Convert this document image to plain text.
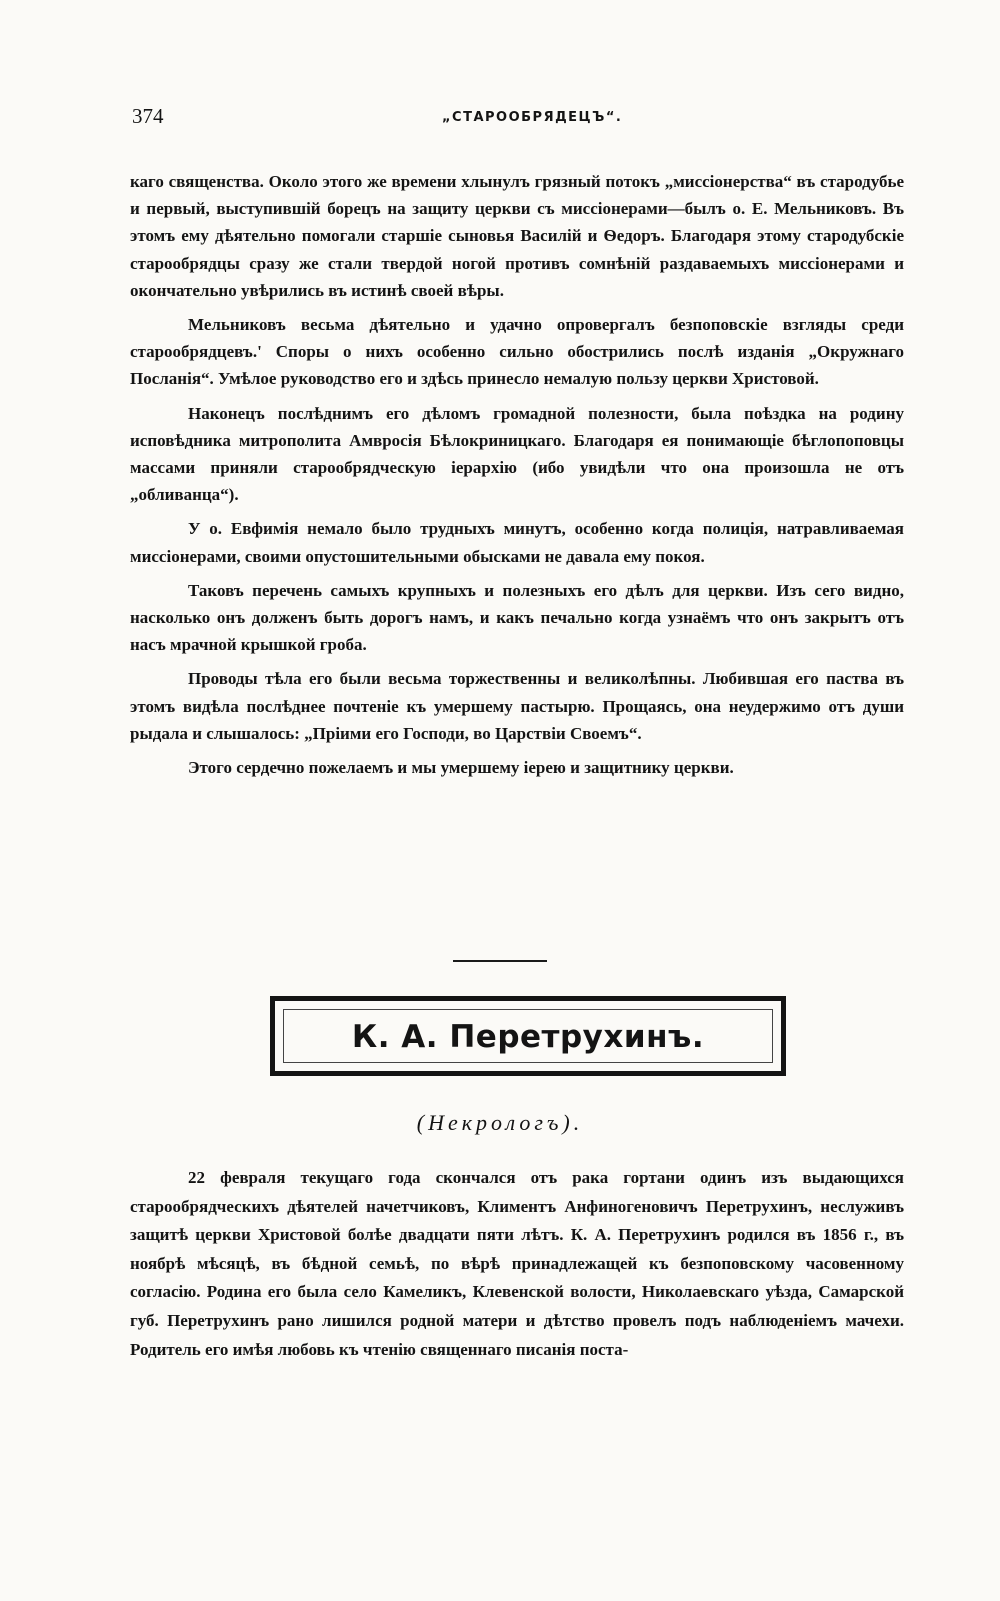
374	„СТАРООБРЯДЕЦЪ“.

каго священства. Около этого же времени хлынулъ грязный потокъ „миссіонерства“ въ стародубье и первый, выступившій борецъ на защиту церкви съ миссіонерами—былъ о. Е. Мельниковъ. Въ этомъ ему дѣятельно помогали старшіе сыновья Василій и Ѳедоръ. Благодаря этому стародубскіе старообрядцы сразу же стали твердой ногой противъ сомнѣній раздаваемыхъ миссіонерами и окончательно увѣрились въ истинѣ своей вѣры.

Мельниковъ весьма дѣятельно и удачно опровергалъ безпоповскіе взгляды среди старообрядцевъ.' Споры о нихъ особенно сильно обострились послѣ изданія „Окружнаго Посланія“. Умѣлое руководство его и здѣсь принесло немалую пользу церкви Христовой.

Наконецъ послѣднимъ его дѣломъ громадной полезности, была поѣздка на родину исповѣдника митрополита Амвросія Бѣлокриницкаго. Благодаря ея понимающіе бѣглопоповцы массами приняли старообрядческую іерархію (ибо увидѣли что она произошла не отъ „обливанца“).

У о. Евфимія немало было трудныхъ минутъ, особенно когда полиція, натравливаемая миссіонерами, своими опустошительными обысками не давала ему покоя.

Таковъ перечень самыхъ крупныхъ и полезныхъ его дѣлъ для церкви. Изъ сего видно, насколько онъ долженъ быть дорогъ намъ, и какъ печально когда узнаёмъ что онъ закрытъ отъ насъ мрачной крышкой гроба.

Проводы тѣла его были весьма торжественны и великолѣпны. Любившая его паства въ этомъ видѣла послѣднее почтеніе къ умершему пастырю. Прощаясь, она неудержимо отъ души рыдала и слышалось: „Пріими его Господи, во Царствіи Своемъ“.

Этого сердечно пожелаемъ и мы умершему іерею и защитнику церкви.

К. А. Перетрухинъ.
(Некрологъ).

22 февраля текущаго года скончался отъ рака гортани одинъ изъ выдающихся старообрядческихъ дѣятелей начетчиковъ, Климентъ Анфиногеновичъ Перетрухинъ, неслуживъ защитѣ церкви Христовой болѣе двадцати пяти лѣтъ. К. А. Перетрухинъ родился въ 1856 г., въ ноябрѣ мѣсяцѣ, въ бѣдной семьѣ, по вѣрѣ принадлежащей къ безпоповскому часовенному согласію. Родина его была село Камеликъ, Клевенской волости, Николаевскаго уѣзда, Самарской губ. Перетрухинъ рано лишился родной матери и дѣтство провелъ подъ наблюденіемъ мачехи. Родитель его имѣя любовь къ чтенію священнаго писанія поста-
